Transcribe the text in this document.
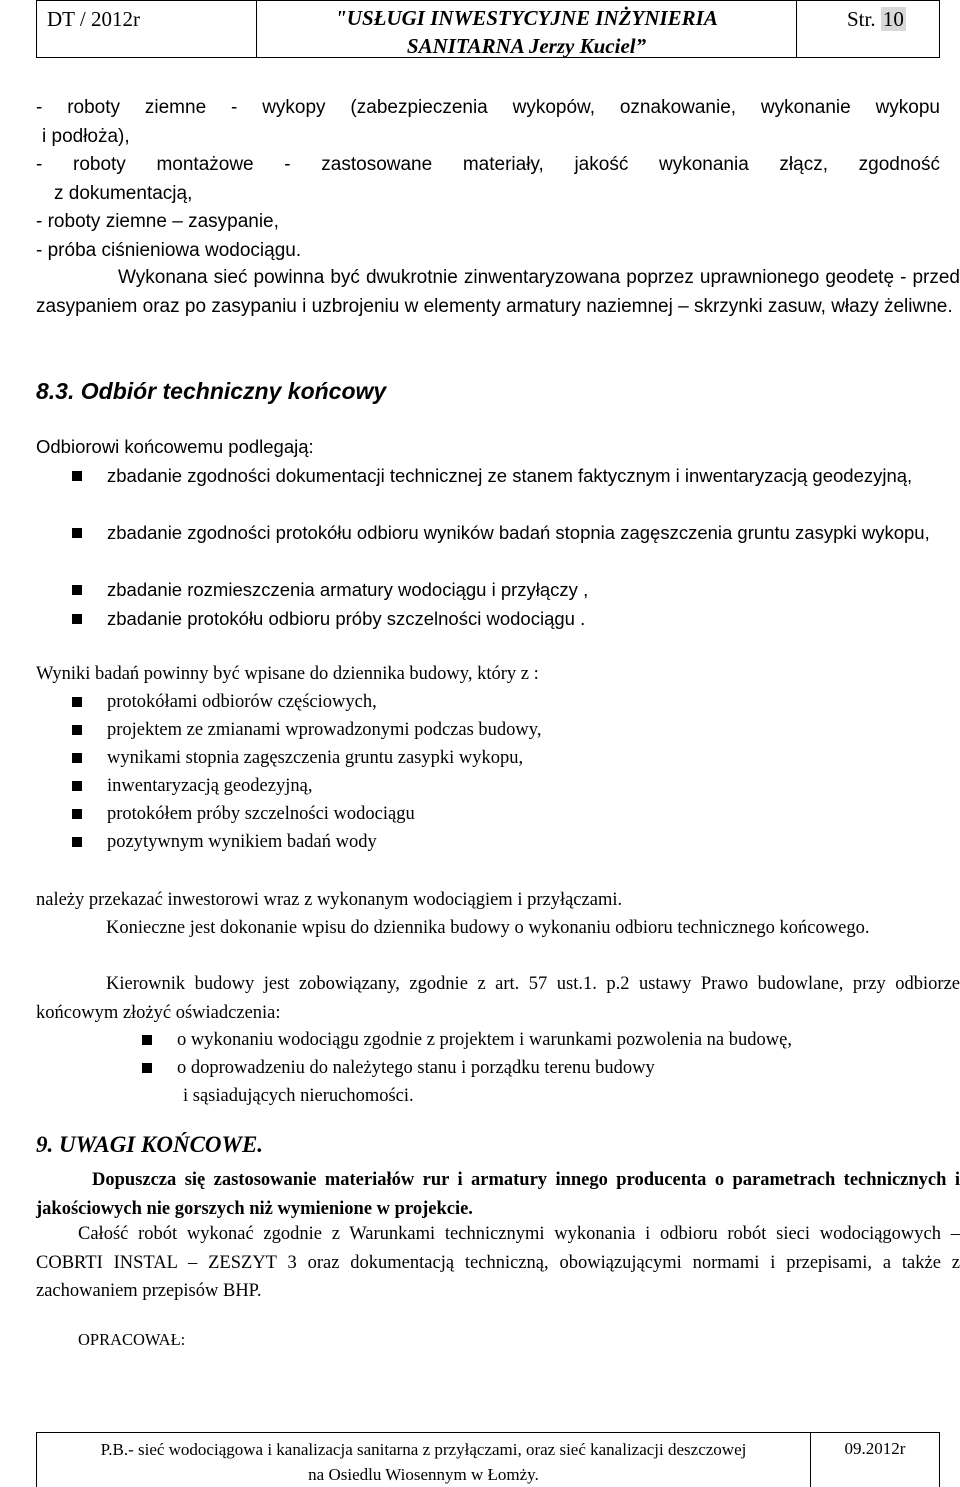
DT / 2012r	"USŁUGI INWESTYCYJNE INŻYNIERIA
SANITARNA Jerzy Kuciel”
Str. 10
- roboty ziemne - wykopy (zabezpieczenia wykopów, oznakowanie, wykonanie wykopu
i podłoża),
- roboty montażowe - zastosowane materiały, jakość wykonania złącz, zgodność
z dokumentacją,
- roboty ziemne – zasypanie,
- próba ciśnieniowa wodociągu.
Wykonana sieć powinna być dwukrotnie zinwentaryzowana poprzez uprawnionego geodetę - przed zasypaniem oraz po zasypaniu i uzbrojeniu w elementy armatury naziemnej – skrzynki zasuw, włazy żeliwne.
8.3. Odbiór techniczny końcowy
Odbiorowi końcowemu podlegają:
zbadanie zgodności dokumentacji technicznej ze stanem faktycznym i inwentaryzacją geodezyjną,
zbadanie zgodności protokółu odbioru wyników badań stopnia zagęszczenia gruntu zasypki wykopu,
zbadanie rozmieszczenia armatury wodociągu i przyłączy ,
zbadanie protokółu odbioru próby szczelności wodociągu .
Wyniki badań powinny być wpisane do dziennika budowy, który z :
protokółami odbiorów częściowych,
projektem ze zmianami wprowadzonymi podczas budowy,
wynikami stopnia zagęszczenia gruntu zasypki wykopu,
inwentaryzacją geodezyjną,
protokółem próby szczelności wodociągu
pozytywnym wynikiem badań wody
należy przekazać inwestorowi wraz z wykonanym wodociągiem i przyłączami.
Konieczne jest dokonanie wpisu do dziennika budowy o wykonaniu odbioru technicznego końcowego.
Kierownik budowy jest zobowiązany, zgodnie z art. 57 ust.1. p.2 ustawy Prawo budowlane, przy odbiorze końcowym złożyć oświadczenia:
o wykonaniu wodociągu zgodnie z projektem i warunkami pozwolenia na budowę,
o doprowadzeniu do należytego stanu i porządku terenu budowy
i sąsiadujących nieruchomości.
9. UWAGI KOŃCOWE.
Dopuszcza się zastosowanie materiałów rur i armatury innego producenta o parametrach technicznych i jakościowych nie gorszych niż wymienione w projekcie.
Całość robót wykonać zgodnie z Warunkami technicznymi wykonania i odbioru robót sieci wodociągowych – COBRTI INSTAL – ZESZYT 3 oraz dokumentacją techniczną, obowiązującymi normami i przepisami, a także z zachowaniem przepisów BHP.
OPRACOWAŁ:
P.B.- sieć wodociągowa i kanalizacja sanitarna z przyłączami, oraz sieć kanalizacji deszczowej
na Osiedlu Wiosennym w Łomży.
09.2012r
